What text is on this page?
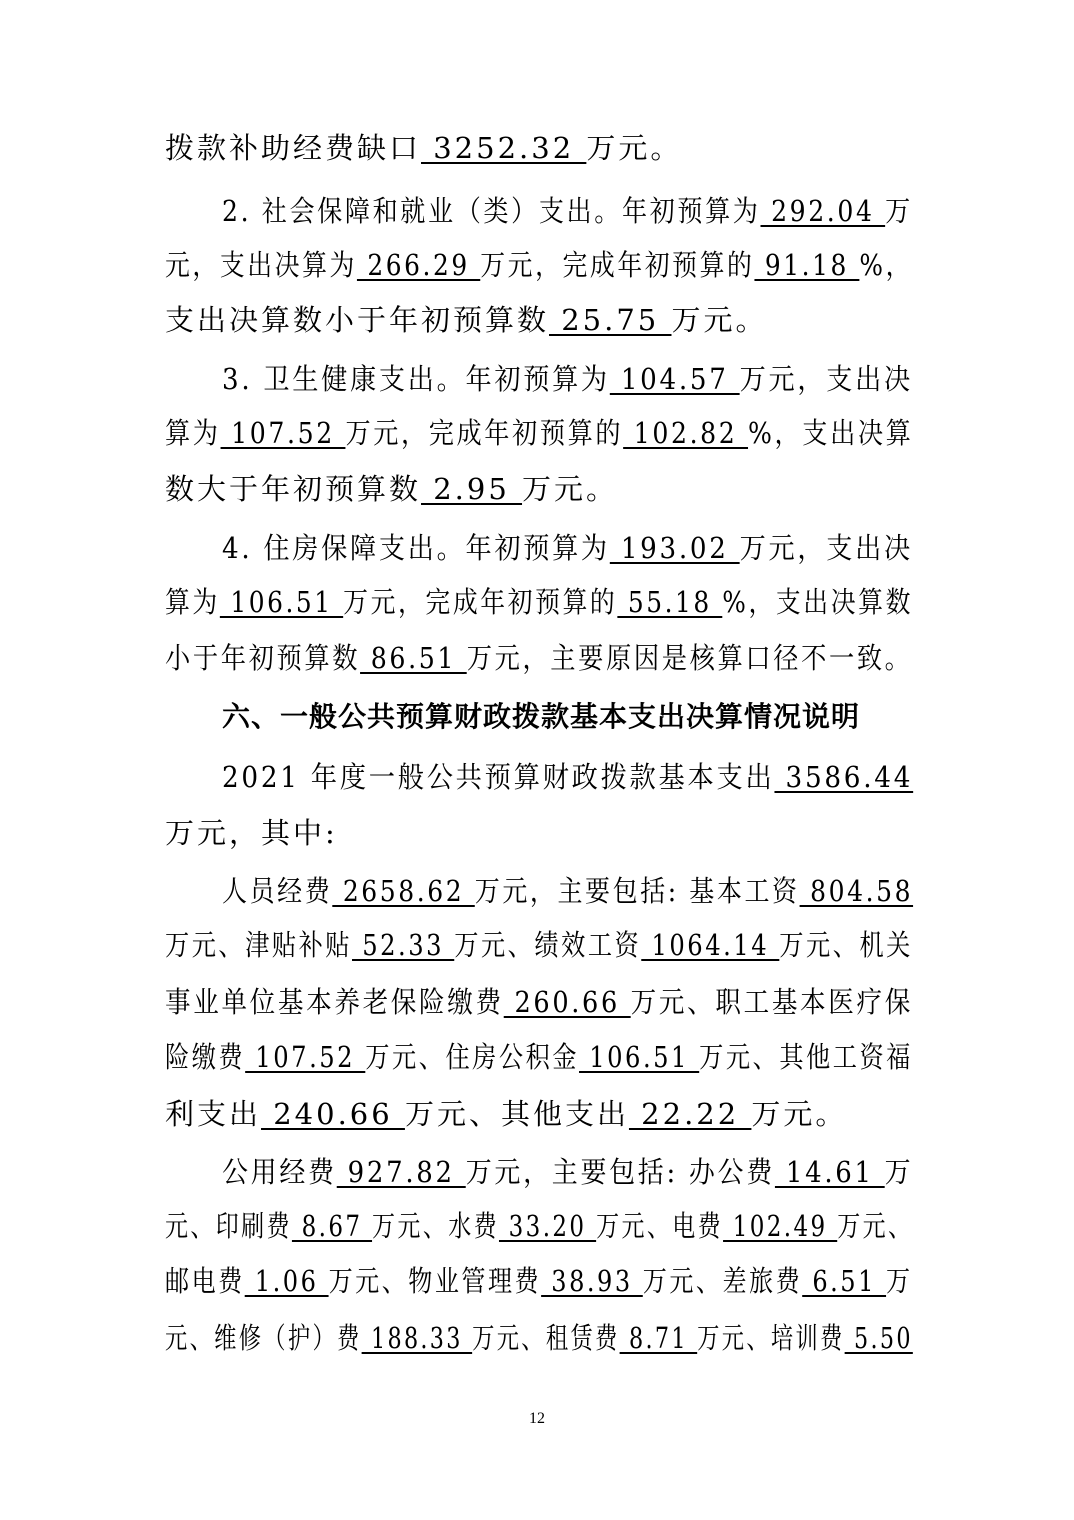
拨款补助经费缺口 3252.32 万元。
2. 社会保障和就业（类）支出。年初预算为 292.04 万
元，支出决算为 266.29 万元，完成年初预算的 91.18 %，
支出决算数小于年初预算数 25.75 万元。
3. 卫生健康支出。年初预算为 104.57 万元，支出决
算为 107.52 万元，完成年初预算的 102.82 %，支出决算
数大于年初预算数 2.95 万元。
4. 住房保障支出。年初预算为 193.02 万元，支出决
算为 106.51 万元，完成年初预算的 55.18 %，支出决算数
小于年初预算数 86.51 万元，主要原因是核算口径不一致。
六、一般公共预算财政拨款基本支出决算情况说明
2021 年度一般公共预算财政拨款基本支出 3586.44
万元，其中:
人员经费 2658.62 万元，主要包括: 基本工资 804.58
万元、津贴补贴 52.33 万元、绩效工资 1064.14 万元、机关
事业单位基本养老保险缴费 260.66 万元、职工基本医疗保
险缴费 107.52 万元、住房公积金 106.51 万元、其他工资福
利支出 240.66 万元、其他支出 22.22 万元。
公用经费 927.82 万元，主要包括: 办公费 14.61 万
元、印刷费 8.67 万元、水费 33.20 万元、电费 102.49 万元、
邮电费 1.06 万元、物业管理费 38.93 万元、差旅费 6.51 万
元、维修（护）费 188.33 万元、租赁费 8.71 万元、培训费 5.50
12
